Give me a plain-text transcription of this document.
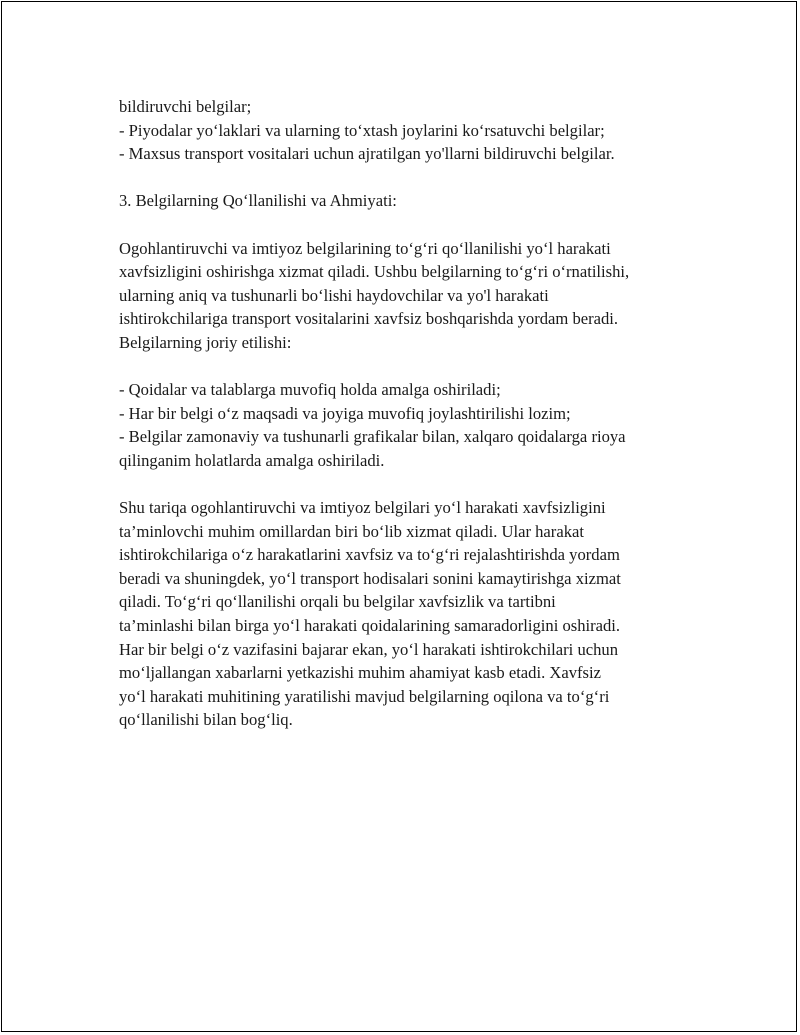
bildiruvchi belgilar;
- Piyodalar yo‘laklari va ularning to‘xtash joylarini ko‘rsatuvchi belgilar;
- Maxsus transport vositalari uchun ajratilgan yo'llarni bildiruvchi belgilar.
3. Belgilarning Qo‘llanilishi va Ahmiyati:
Ogohlantiruvchi va imtiyoz belgilarining to‘g‘ri qo‘llanilishi yo‘l harakati
xavfsizligini oshirishga xizmat qiladi. Ushbu belgilarning to‘g‘ri o‘rnatilishi,
ularning aniq va tushunarli bo‘lishi haydovchilar va yo'l harakati
ishtirokchilariga transport vositalarini xavfsiz boshqarishda yordam beradi.
Belgilarning joriy etilishi:
- Qoidalar va talablarga muvofiq holda amalga oshiriladi;
- Har bir belgi o‘z maqsadi va joyiga muvofiq joylashtirilishi lozim;
- Belgilar zamonaviy va tushunarli grafikalar bilan, xalqaro qoidalarga rioya
qilinganim holatlarda amalga oshiriladi.
Shu tariqa ogohlantiruvchi va imtiyoz belgilari yo‘l harakati xavfsizligini
ta’minlovchi muhim omillardan biri bo‘lib xizmat qiladi. Ular harakat
ishtirokchilariga o‘z harakatlarini xavfsiz va to‘g‘ri rejalashtirishda yordam
beradi va shuningdek, yo‘l transport hodisalari sonini kamaytirishga xizmat
qiladi. To‘g‘ri qo‘llanilishi orqali bu belgilar xavfsizlik va tartibni
ta’minlashi bilan birga yo‘l harakati qoidalarining samaradorligini oshiradi.
Har bir belgi o‘z vazifasini bajarar ekan, yo‘l harakati ishtirokchilari uchun
mo‘ljallangan xabarlarni yetkazishi muhim ahamiyat kasb etadi. Xavfsiz
yo‘l harakati muhitining yaratilishi mavjud belgilarning oqilona va to‘g‘ri
qo‘llanilishi bilan bog‘liq.
